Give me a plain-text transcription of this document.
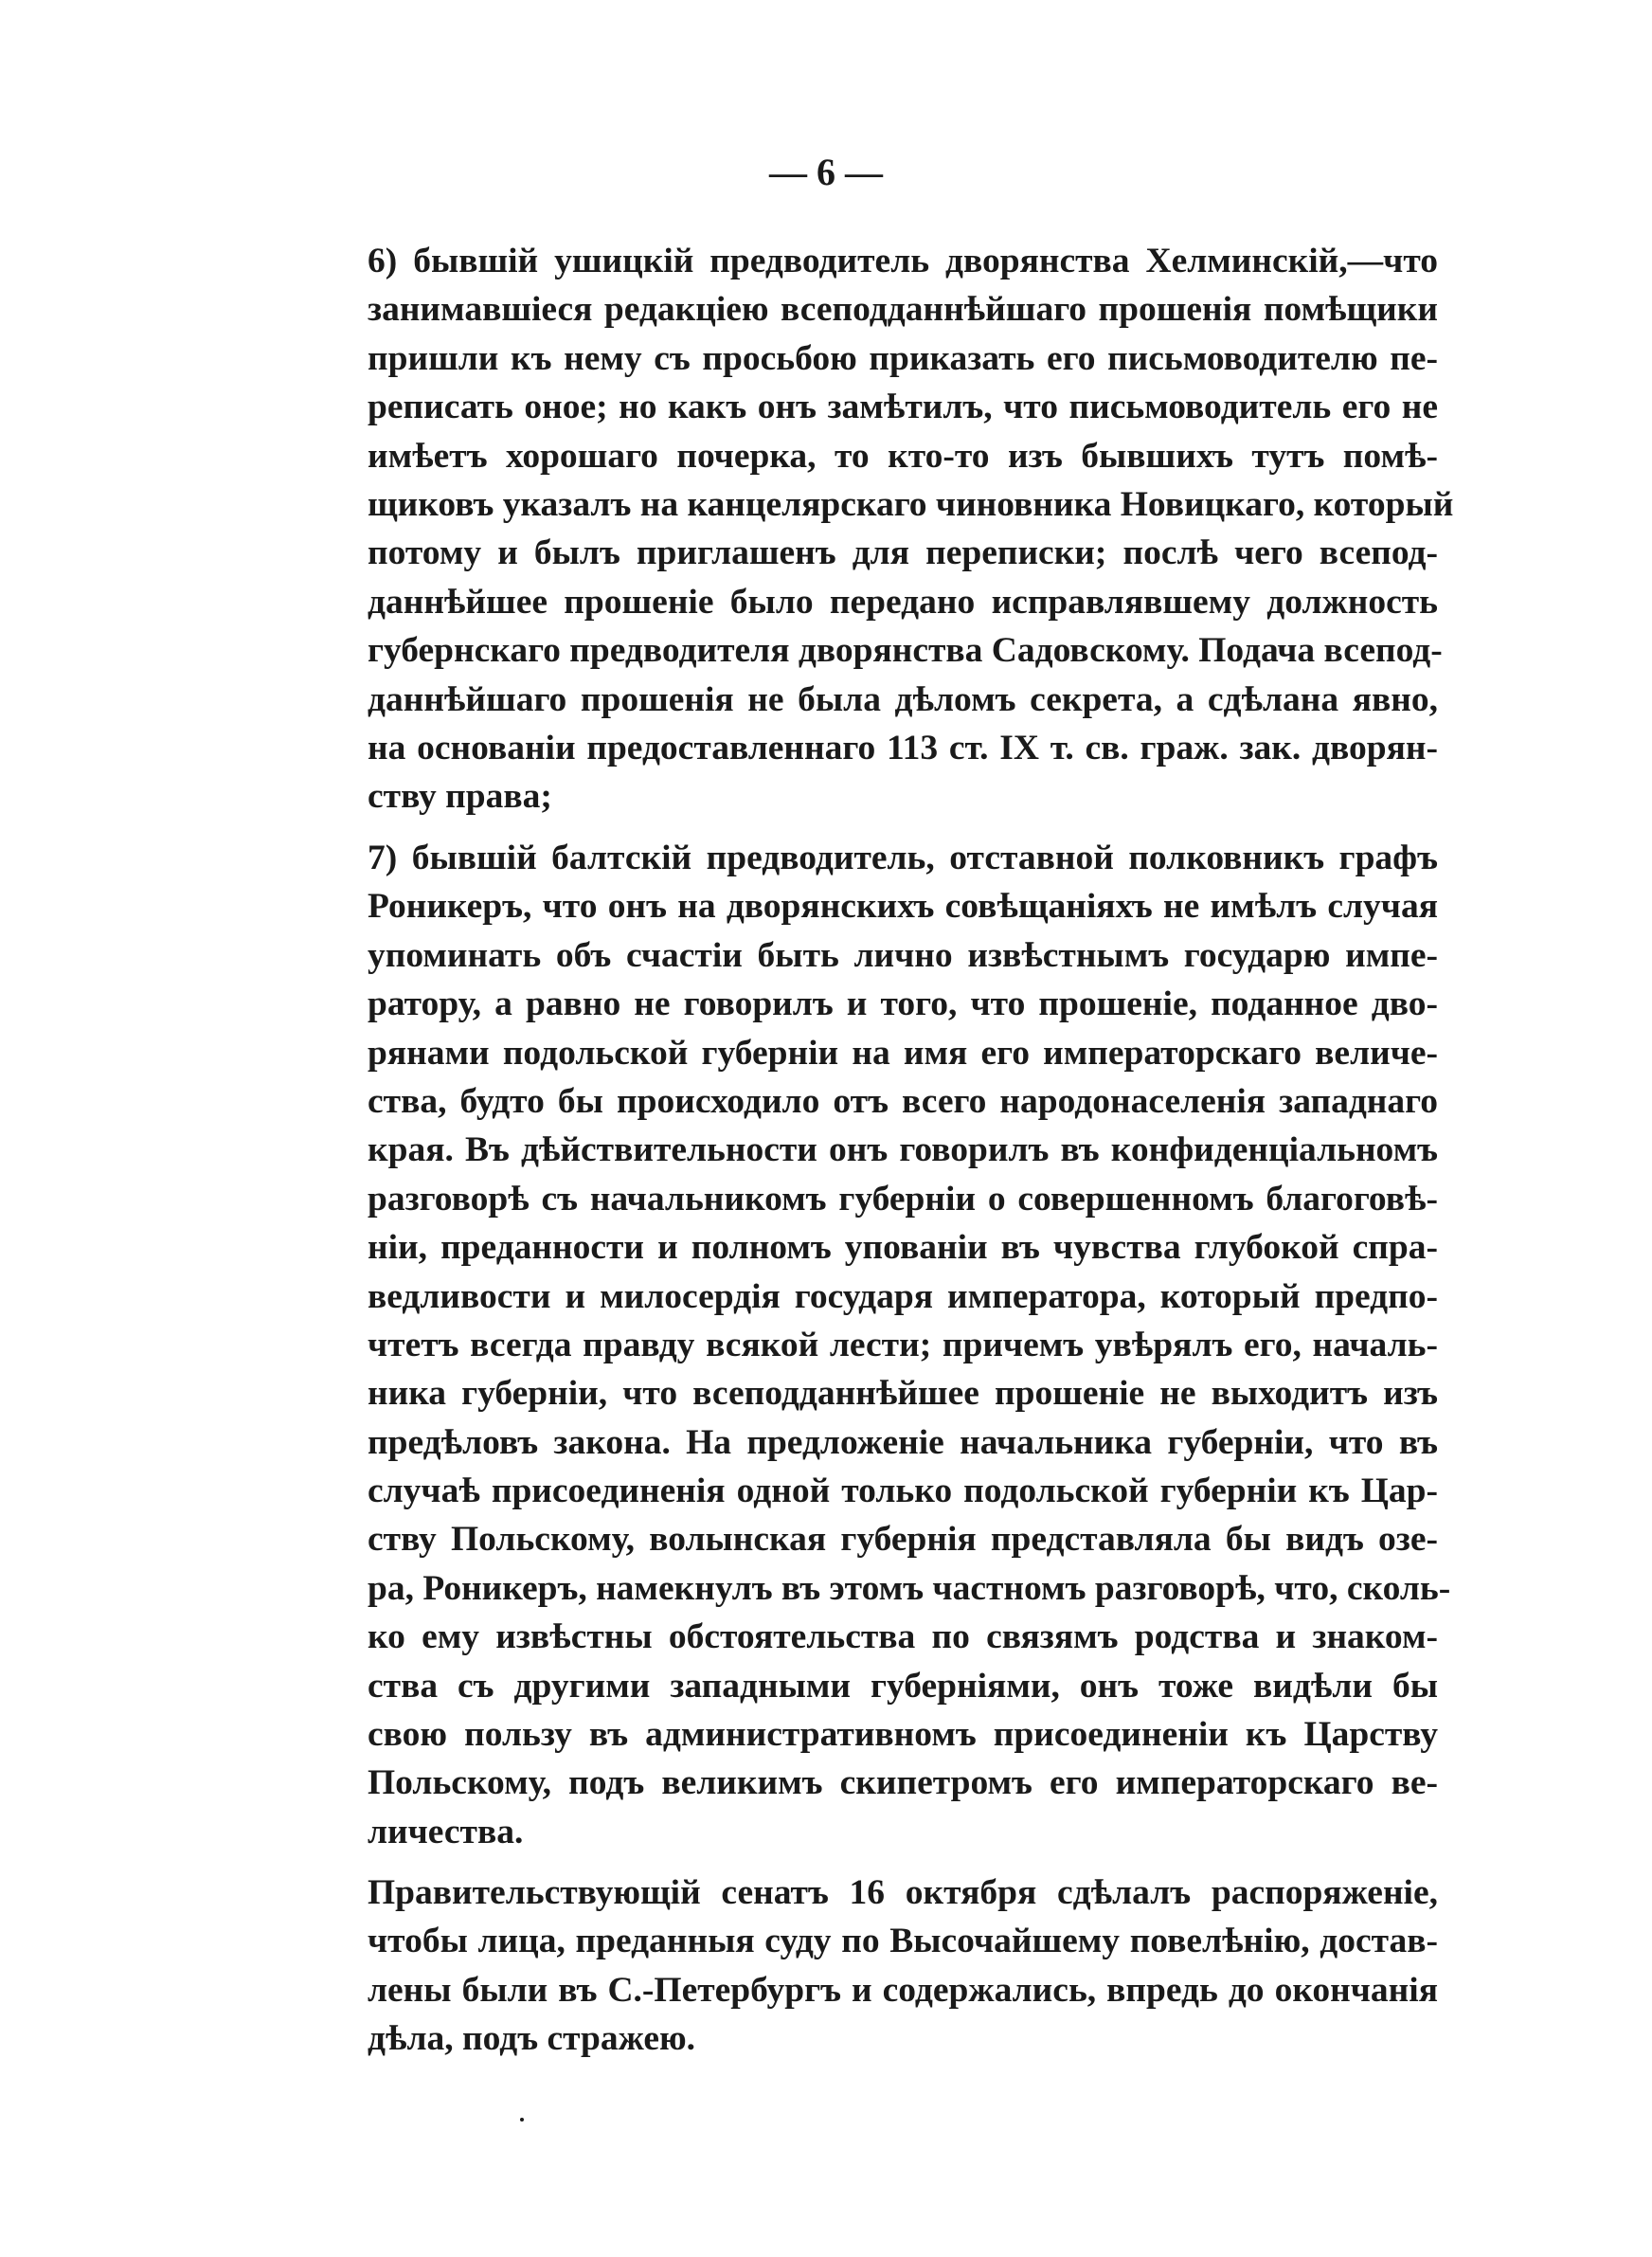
— 6 —
6) бывшій ушицкій предводитель дворянства Хелминскій,—что
занимавшіеся редакціею всеподданнѣйшаго прошенія помѣщики
пришли къ нему съ просьбою приказать его письмоводителю пе-
реписать оное; но какъ онъ замѣтилъ, что письмоводитель его не
имѣетъ хорошаго почерка, то кто-то изъ бывшихъ тутъ помѣ-
щиковъ указалъ на канцелярскаго чиновника Новицкаго, который
потому и былъ приглашенъ для переписки; послѣ чего всепод-
даннѣйшее прошеніе было передано исправлявшему должность
губернскаго предводителя дворянства Садовскому. Подача всепод-
даннѣйшаго прошенія не была дѣломъ секрета, а сдѣлана явно,
на основаніи предоставленнаго 113 ст. IX т. св. граж. зак. дворян-
ству права;
7) бывшій балтскій предводитель, отставной полковникъ графъ
Роникеръ, что онъ на дворянскихъ совѣщаніяхъ не имѣлъ случая
упоминать объ счастіи быть лично извѣстнымъ государю импе-
ратору, а равно не говорилъ и того, что прошеніе, поданное дво-
рянами подольской губерніи на имя его императорскаго величе-
ства, будто бы происходило отъ всего народонаселенія западнаго
края. Въ дѣйствительности онъ говорилъ въ конфиденціальномъ
разговорѣ съ начальникомъ губерніи о совершенномъ благоговѣ-
ніи, преданности и полномъ упованіи въ чувства глубокой спра-
ведливости и милосердія государя императора, который предпо-
чтетъ всегда правду всякой лести; причемъ увѣрялъ его, началь-
ника губерніи, что всеподданнѣйшее прошеніе не выходитъ изъ
предѣловъ закона. На предложеніе начальника губерніи, что въ
случаѣ присоединенія одной только подольской губерніи къ Цар-
ству Польскому, волынская губернія представляла бы видъ озе-
ра, Роникеръ, намекнулъ въ этомъ частномъ разговорѣ, что, сколь-
ко ему извѣстны обстоятельства по связямъ родства и знаком-
ства съ другими западными губерніями, онъ тоже видѣли бы
свою пользу въ административномъ присоединеніи къ Царству
Польскому, подъ великимъ скипетромъ его императорскаго ве-
личества.
Правительствующій сенатъ 16 октября сдѣлалъ распоряженіе,
чтобы лица, преданныя суду по Высочайшему повелѣнію, достав-
лены были въ С.-Петербургъ и содержались, впредь до окончанія
дѣла, подъ стражею.
